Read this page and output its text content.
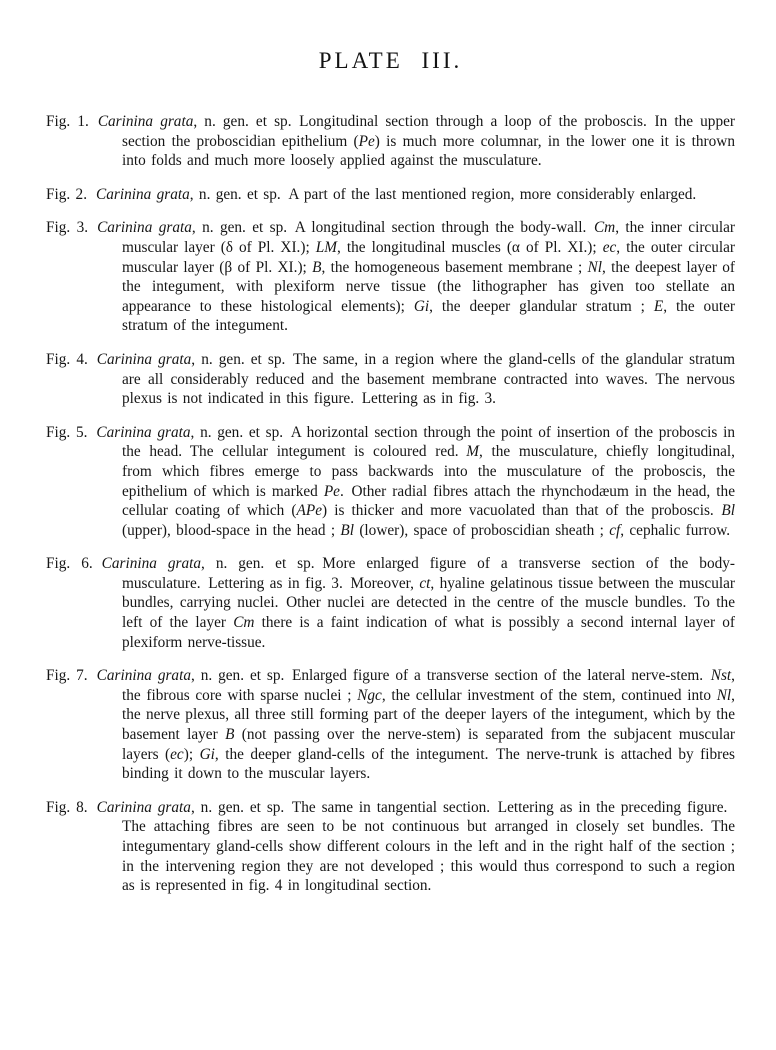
PLATE III.

Fig. 1. Carinina grata, n. gen. et sp. Longitudinal section through a loop of the proboscis. In the upper section the proboscidian epithelium (Pe) is much more columnar, in the lower one it is thrown into folds and much more loosely applied against the musculature.

Fig. 2. Carinina grata, n. gen. et sp. A part of the last mentioned region, more considerably enlarged.

Fig. 3. Carinina grata, n. gen. et sp. A longitudinal section through the body-wall. Cm, the inner circular muscular layer (δ of Pl. XI.); LM, the longitudinal muscles (α of Pl. XI.); ec, the outer circular muscular layer (β of Pl. XI.); B, the homogeneous basement membrane ; Nl, the deepest layer of the integument, with plexiform nerve tissue (the lithographer has given too stellate an appearance to these histological elements); Gi, the deeper glandular stratum ; E, the outer stratum of the integument.

Fig. 4. Carinina grata, n. gen. et sp. The same, in a region where the gland-cells of the glandular stratum are all considerably reduced and the basement membrane contracted into waves. The nervous plexus is not indicated in this figure. Lettering as in fig. 3.

Fig. 5. Carinina grata, n. gen. et sp. A horizontal section through the point of insertion of the proboscis in the head. The cellular integument is coloured red. M, the musculature, chiefly longitudinal, from which fibres emerge to pass backwards into the musculature of the proboscis, the epithelium of which is marked Pe. Other radial fibres attach the rhynchodæum in the head, the cellular coating of which (APe) is thicker and more vacuolated than that of the proboscis. Bl (upper), blood-space in the head ; Bl (lower), space of proboscidian sheath ; cf, cephalic furrow.

Fig. 6. Carinina grata, n. gen. et sp. More enlarged figure of a transverse section of the body-musculature. Lettering as in fig. 3. Moreover, ct, hyaline gelatinous tissue between the muscular bundles, carrying nuclei. Other nuclei are detected in the centre of the muscle bundles. To the left of the layer Cm there is a faint indication of what is possibly a second internal layer of plexiform nerve-tissue.

Fig. 7. Carinina grata, n. gen. et sp. Enlarged figure of a transverse section of the lateral nerve-stem. Nst, the fibrous core with sparse nuclei ; Ngc, the cellular investment of the stem, continued into Nl, the nerve plexus, all three still forming part of the deeper layers of the integument, which by the basement layer B (not passing over the nerve-stem) is separated from the subjacent muscular layers (ec); Gi, the deeper gland-cells of the integument. The nerve-trunk is attached by fibres binding it down to the muscular layers.

Fig. 8. Carinina grata, n. gen. et sp. The same in tangential section. Lettering as in the preceding figure. The attaching fibres are seen to be not continuous but arranged in closely set bundles. The integumentary gland-cells show different colours in the left and in the right half of the section ; in the intervening region they are not developed ; this would thus correspond to such a region as is represented in fig. 4 in longitudinal section.
